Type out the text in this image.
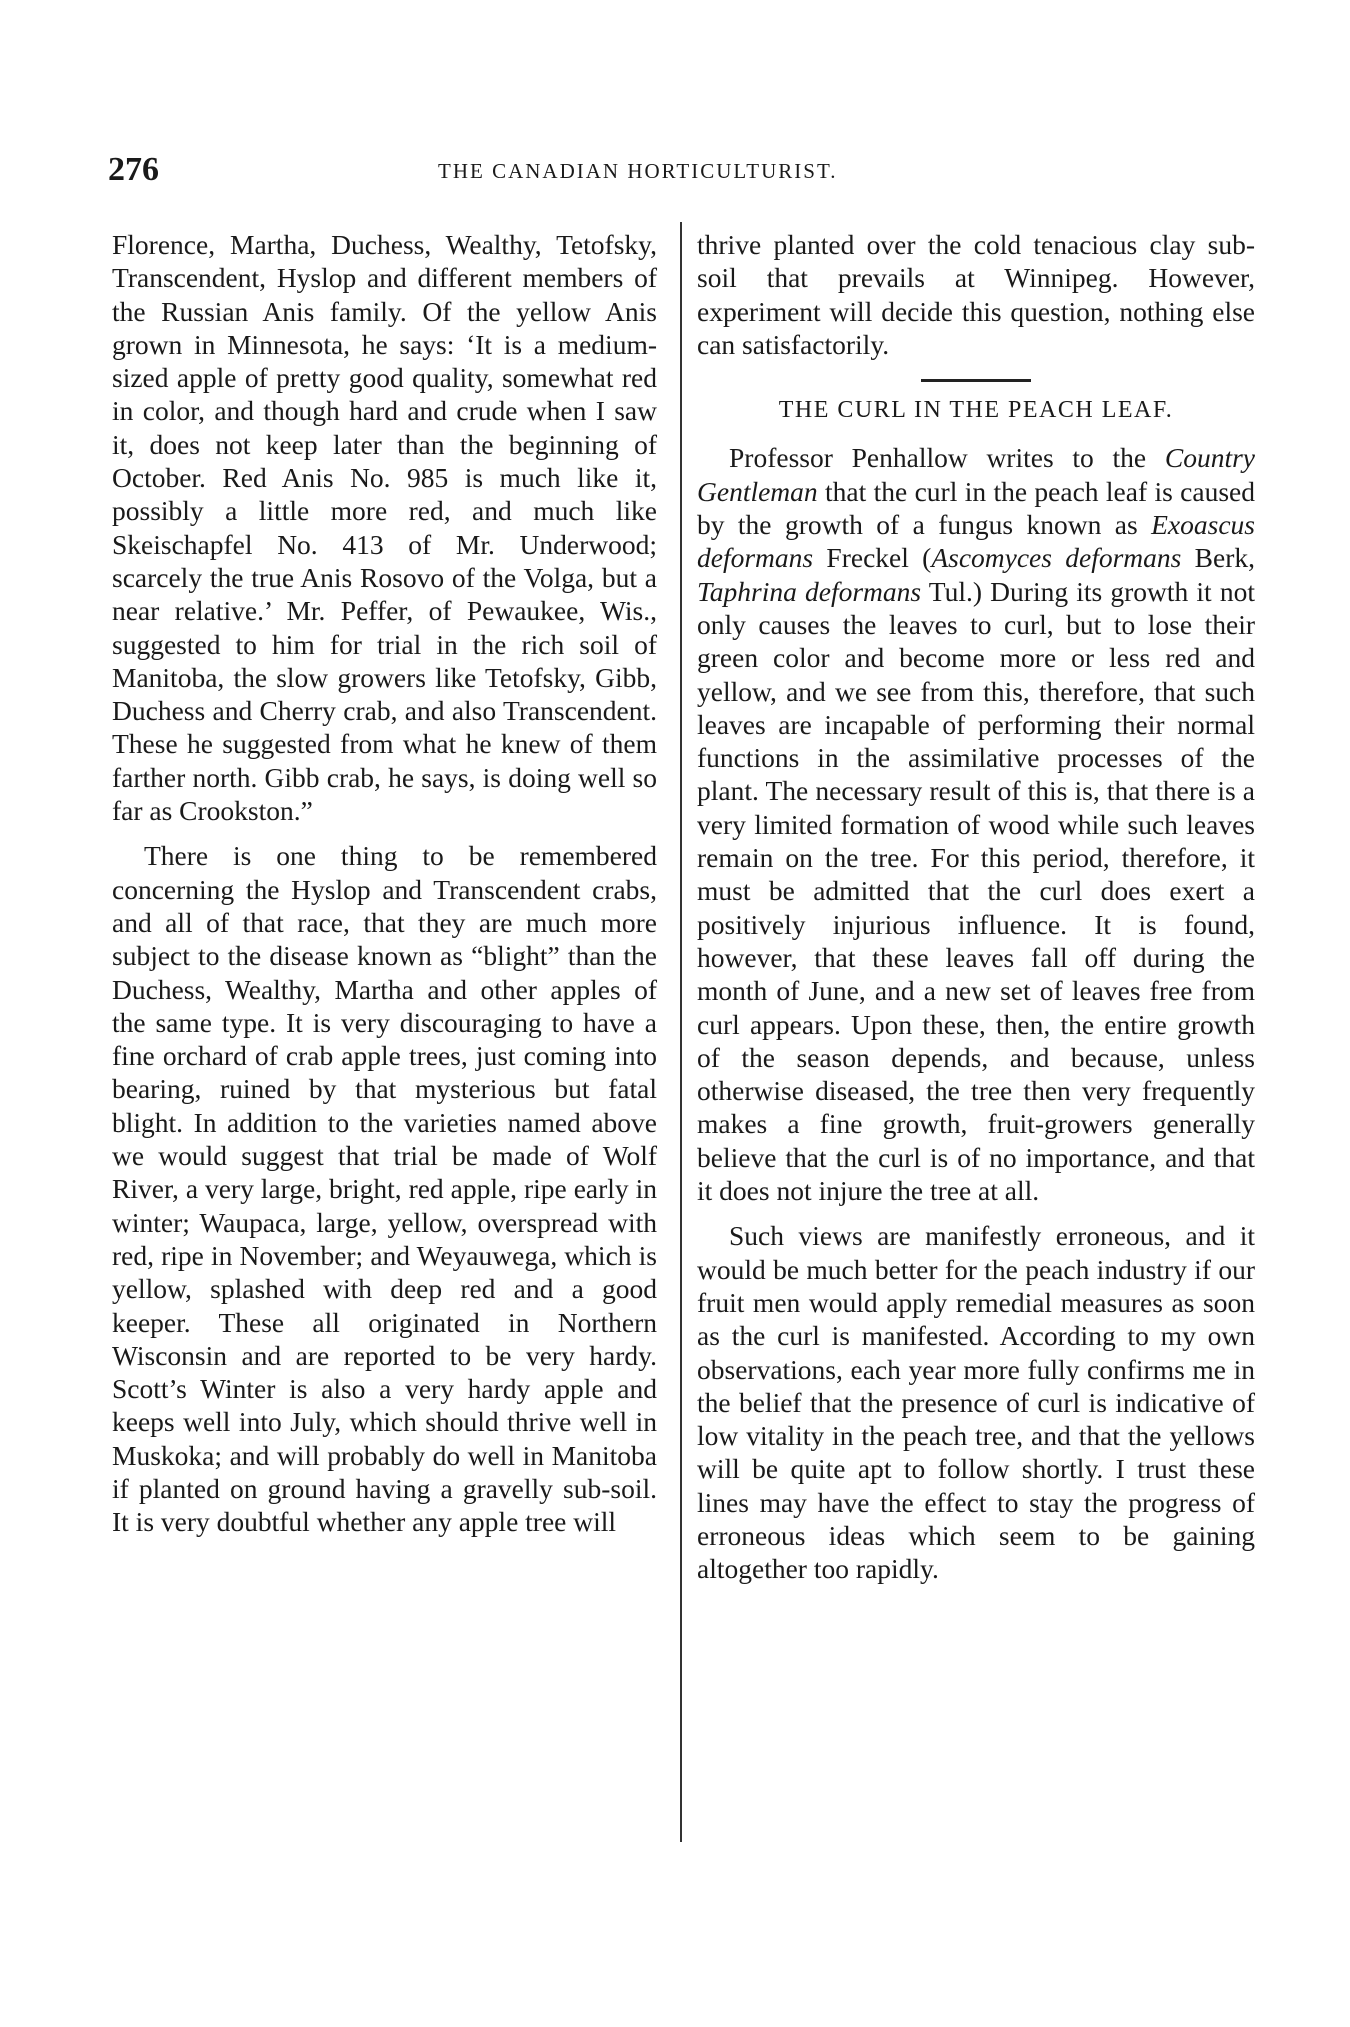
276	THE CANADIAN HORTICULTURIST.

Florence, Martha, Duchess, Wealthy, Tetofsky, Transcendent, Hyslop and different members of the Russian Anis family. Of the yellow Anis grown in Minnesota, he says: ‘It is a medium-sized apple of pretty good quality, somewhat red in color, and though hard and crude when I saw it, does not keep later than the beginning of October. Red Anis No. 985 is much like it, possibly a little more red, and much like Skeischapfel No. 413 of Mr. Underwood; scarcely the true Anis Rosovo of the Volga, but a near relative.’ Mr. Peffer, of Pewaukee, Wis., suggested to him for trial in the rich soil of Manitoba, the slow growers like Tetofsky, Gibb, Duchess and Cherry crab, and also Transcendent. These he suggested from what he knew of them farther north. Gibb crab, he says, is doing well so far as Crookston.”

There is one thing to be remembered concerning the Hyslop and Transcendent crabs, and all of that race, that they are much more subject to the disease known as “blight” than the Duchess, Wealthy, Martha and other apples of the same type. It is very discouraging to have a fine orchard of crab apple trees, just coming into bearing, ruined by that mysterious but fatal blight. In addition to the varieties named above we would suggest that trial be made of Wolf River, a very large, bright, red apple, ripe early in winter; Waupaca, large, yellow, overspread with red, ripe in November; and Weyauwega, which is yellow, splashed with deep red and a good keeper. These all originated in Northern Wisconsin and are reported to be very hardy. Scott’s Winter is also a very hardy apple and keeps well into July, which should thrive well in Muskoka; and will probably do well in Manitoba if planted on ground having a gravelly sub-soil. It is very doubtful whether any apple tree will

thrive planted over the cold tenacious clay sub-soil that prevails at Winnipeg. However, experiment will decide this question, nothing else can satisfactorily.

THE CURL IN THE PEACH LEAF.

Professor Penhallow writes to the Country Gentleman that the curl in the peach leaf is caused by the growth of a fungus known as Exoascus deformans Freckel (Ascomyces deformans Berk, Taphrina deformans Tul.) During its growth it not only causes the leaves to curl, but to lose their green color and become more or less red and yellow, and we see from this, therefore, that such leaves are incapable of performing their normal functions in the assimilative processes of the plant. The necessary result of this is, that there is a very limited formation of wood while such leaves remain on the tree. For this period, therefore, it must be admitted that the curl does exert a positively injurious influence. It is found, however, that these leaves fall off during the month of June, and a new set of leaves free from curl appears. Upon these, then, the entire growth of the season depends, and because, unless otherwise diseased, the tree then very frequently makes a fine growth, fruit-growers generally believe that the curl is of no importance, and that it does not injure the tree at all.

Such views are manifestly erroneous, and it would be much better for the peach industry if our fruit men would apply remedial measures as soon as the curl is manifested. According to my own observations, each year more fully confirms me in the belief that the presence of curl is indicative of low vitality in the peach tree, and that the yellows will be quite apt to follow shortly. I trust these lines may have the effect to stay the progress of erroneous ideas which seem to be gaining altogether too rapidly.
